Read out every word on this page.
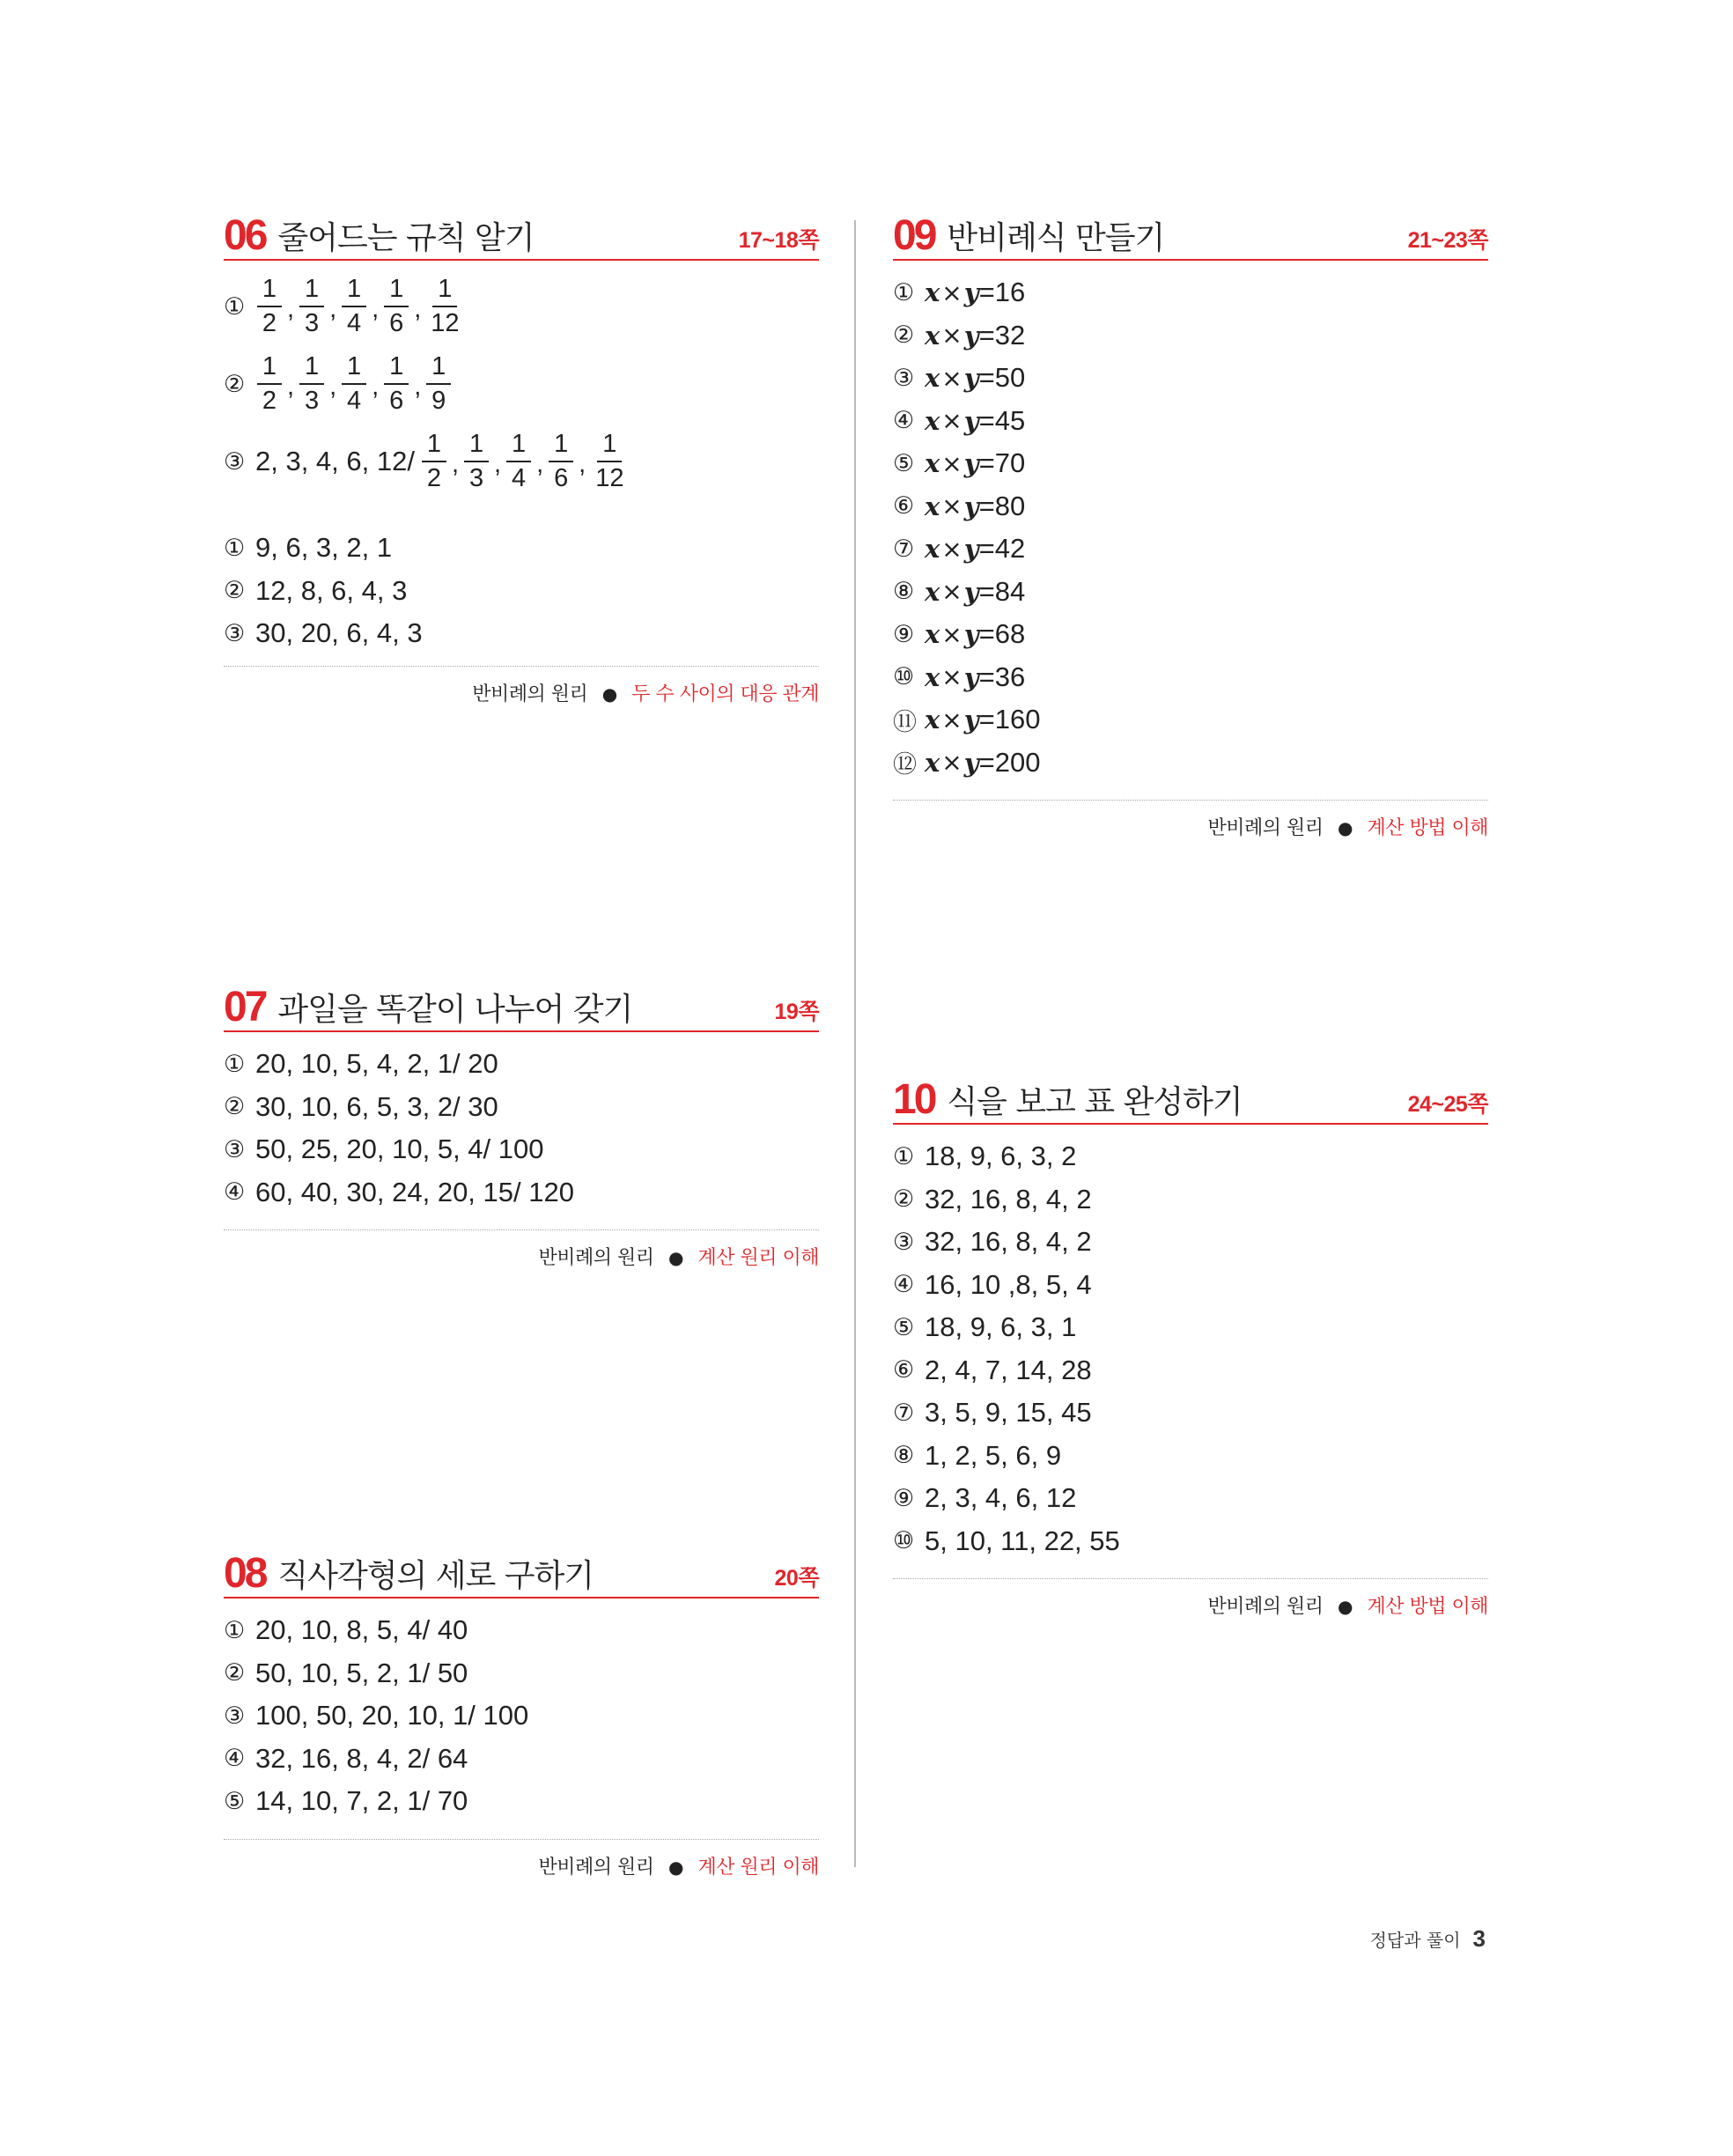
06 줄어드는 규칙 알기	17~18쪽
① $\frac{1}{2}$ , $\frac{1}{3}$ , $\frac{1}{4}$ , $\frac{1}{6}$ , $\frac{1}{12}$
② $\frac{1}{2}$ , $\frac{1}{3}$ , $\frac{1}{4}$ , $\frac{1}{6}$ , $\frac{1}{9}$
③ 2, 3, 4, 6, $12/ \frac{1}{2}$ , $\frac{1}{3}$ , $\frac{1}{4}$ , $\frac{1}{6}$ , $\frac{1}{12}$
① 9, 6, 3, 2, 1
② 12, 8, 6, 4, 3
③ 30, 20, 6, 4, 3
반비례의 원리 ● 두 수 사이의 대응 관계
07 과일을 똑같이 나누어 갖기	19쪽
① 20, 10, 5, 4, 2, 1/ 20
② 30, 10, 6, 5, 3, 2/ 30
③ 50, 25, 20, 10, 5, 4/ 100
④ 60, 40, 30, 24, 20, 15/ 120
반비례의 원리 ● 계산 원리 이해
08 직사각형의 세로 구하기	20쪽
① 20, 10, 8, 5, 4/ 40
② 50, 10, 5, 2, 1/ 50
③ 100, 50, 20, 10, 1/ 100
④ 32, 16, 8, 4, 2/ 64
⑤ 14, 10, 7, 2, 1/ 70
반비례의 원리 ● 계산 원리 이해
09 반비례식 만들기	21~23쪽
① x × y = 16
② x × y = 32
③ x × y = 50
④ x × y = 45
⑤ x × y = 70
⑥ x × y = 80
⑦ x × y = 42
⑧ x × y = 84
⑨ x × y = 68
⑩ x × y = 36
⑪ x × y = 160
⑫ x × y = 200
반비례의 원리 ● 계산 방법 이해
10 식을 보고 표 완성하기	24~25쪽
① 18, 9, 6, 3, 2
② 32, 16, 8, 4, 2
③ 32, 16, 8, 4, 2
④ 16, 10 ,8, 5, 4
⑤ 18, 9, 6, 3, 1
⑥ 2, 4, 7, 14, 28
⑦ 3, 5, 9, 15, 45
⑧ 1, 2, 5, 6, 9
⑨ 2, 3, 4, 6, 12
⑩ 5, 10, 11, 22, 55
반비례의 원리 ● 계산 방법 이해
정답과 풀이 3
